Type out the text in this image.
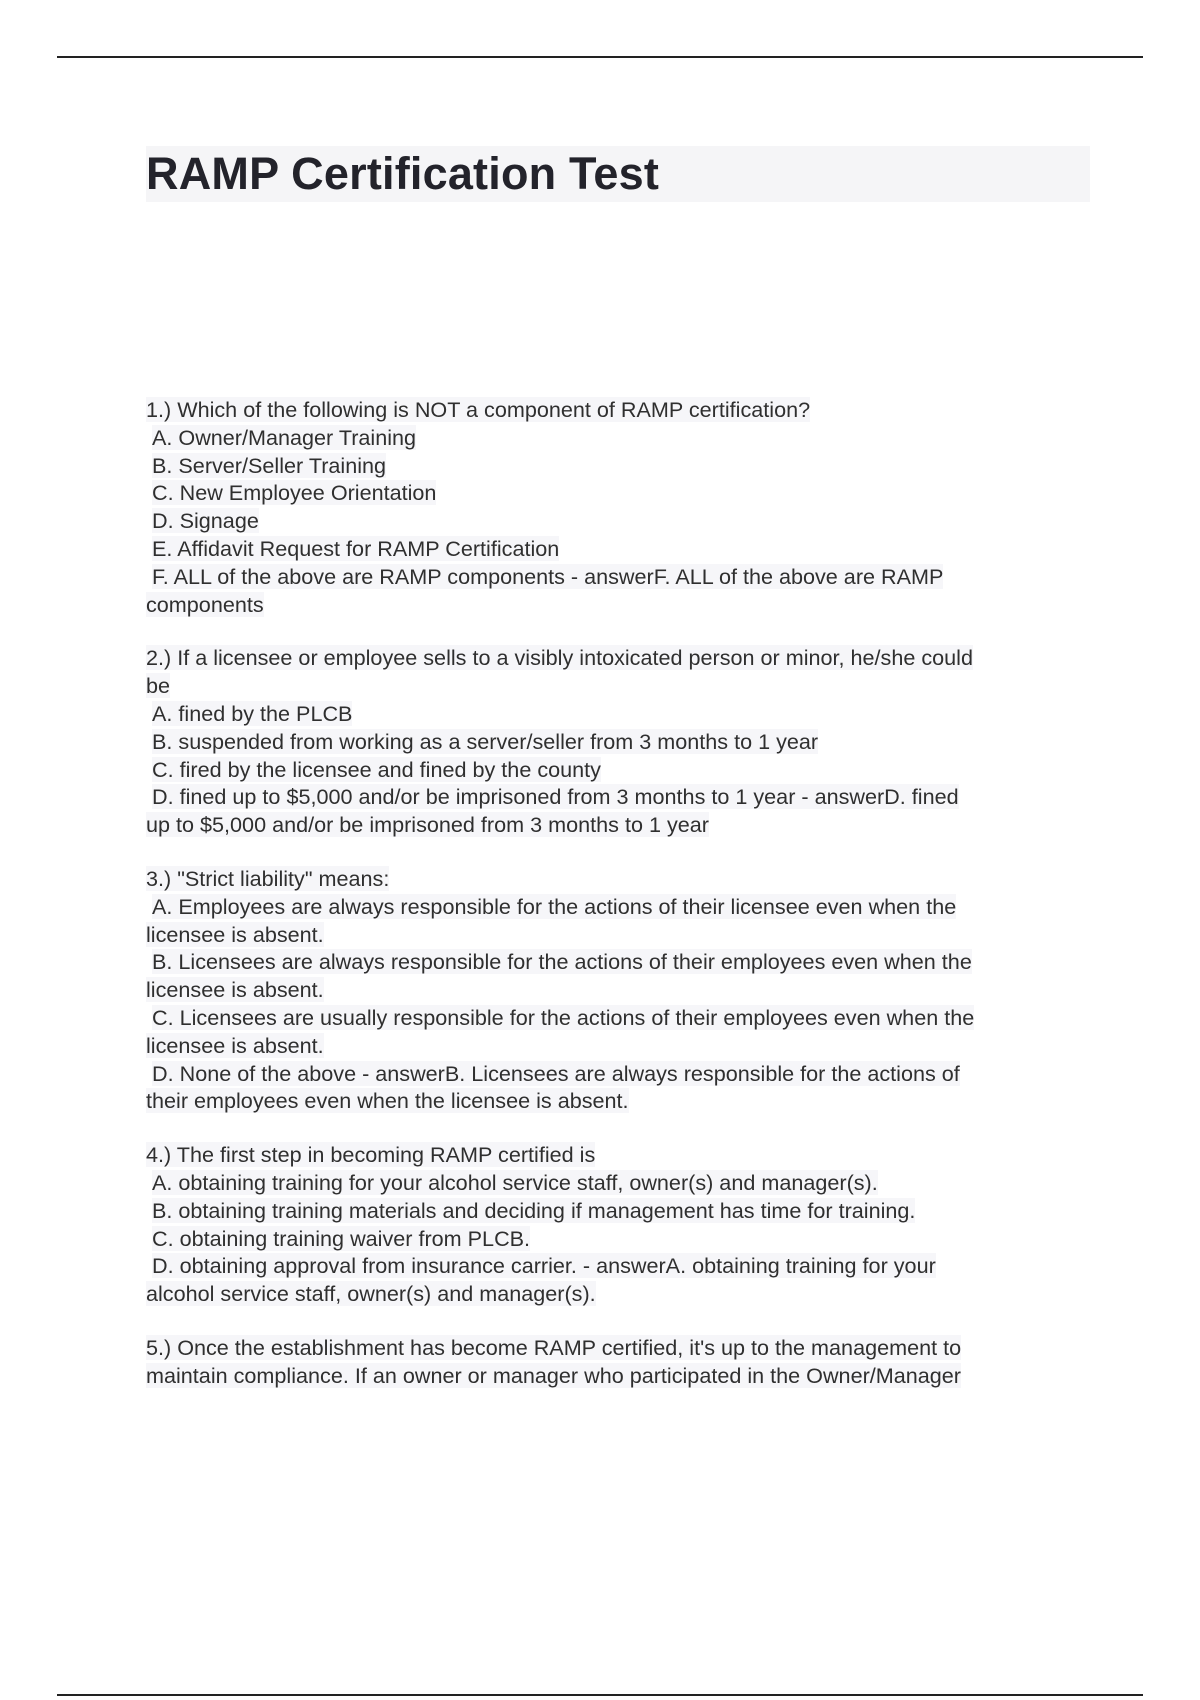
RAMP Certification Test
1.) Which of the following is NOT a component of RAMP certification?
A. Owner/Manager Training
B. Server/Seller Training
C. New Employee Orientation
D. Signage
E. Affidavit Request for RAMP Certification
F. ALL of the above are RAMP components - answerF. ALL of the above are RAMP
components
2.) If a licensee or employee sells to a visibly intoxicated person or minor, he/she could
be
A. fined by the PLCB
B. suspended from working as a server/seller from 3 months to 1 year
C. fired by the licensee and fined by the county
D. fined up to $5,000 and/or be imprisoned from 3 months to 1 year - answerD. fined
up to $5,000 and/or be imprisoned from 3 months to 1 year
3.) "Strict liability" means:
A. Employees are always responsible for the actions of their licensee even when the
licensee is absent.
B. Licensees are always responsible for the actions of their employees even when the
licensee is absent.
C. Licensees are usually responsible for the actions of their employees even when the
licensee is absent.
D. None of the above - answerB. Licensees are always responsible for the actions of
their employees even when the licensee is absent.
4.) The first step in becoming RAMP certified is
A. obtaining training for your alcohol service staff, owner(s) and manager(s).
B. obtaining training materials and deciding if management has time for training.
C. obtaining training waiver from PLCB.
D. obtaining approval from insurance carrier. - answerA. obtaining training for your
alcohol service staff, owner(s) and manager(s).
5.) Once the establishment has become RAMP certified, it's up to the management to
maintain compliance. If an owner or manager who participated in the Owner/Manager
